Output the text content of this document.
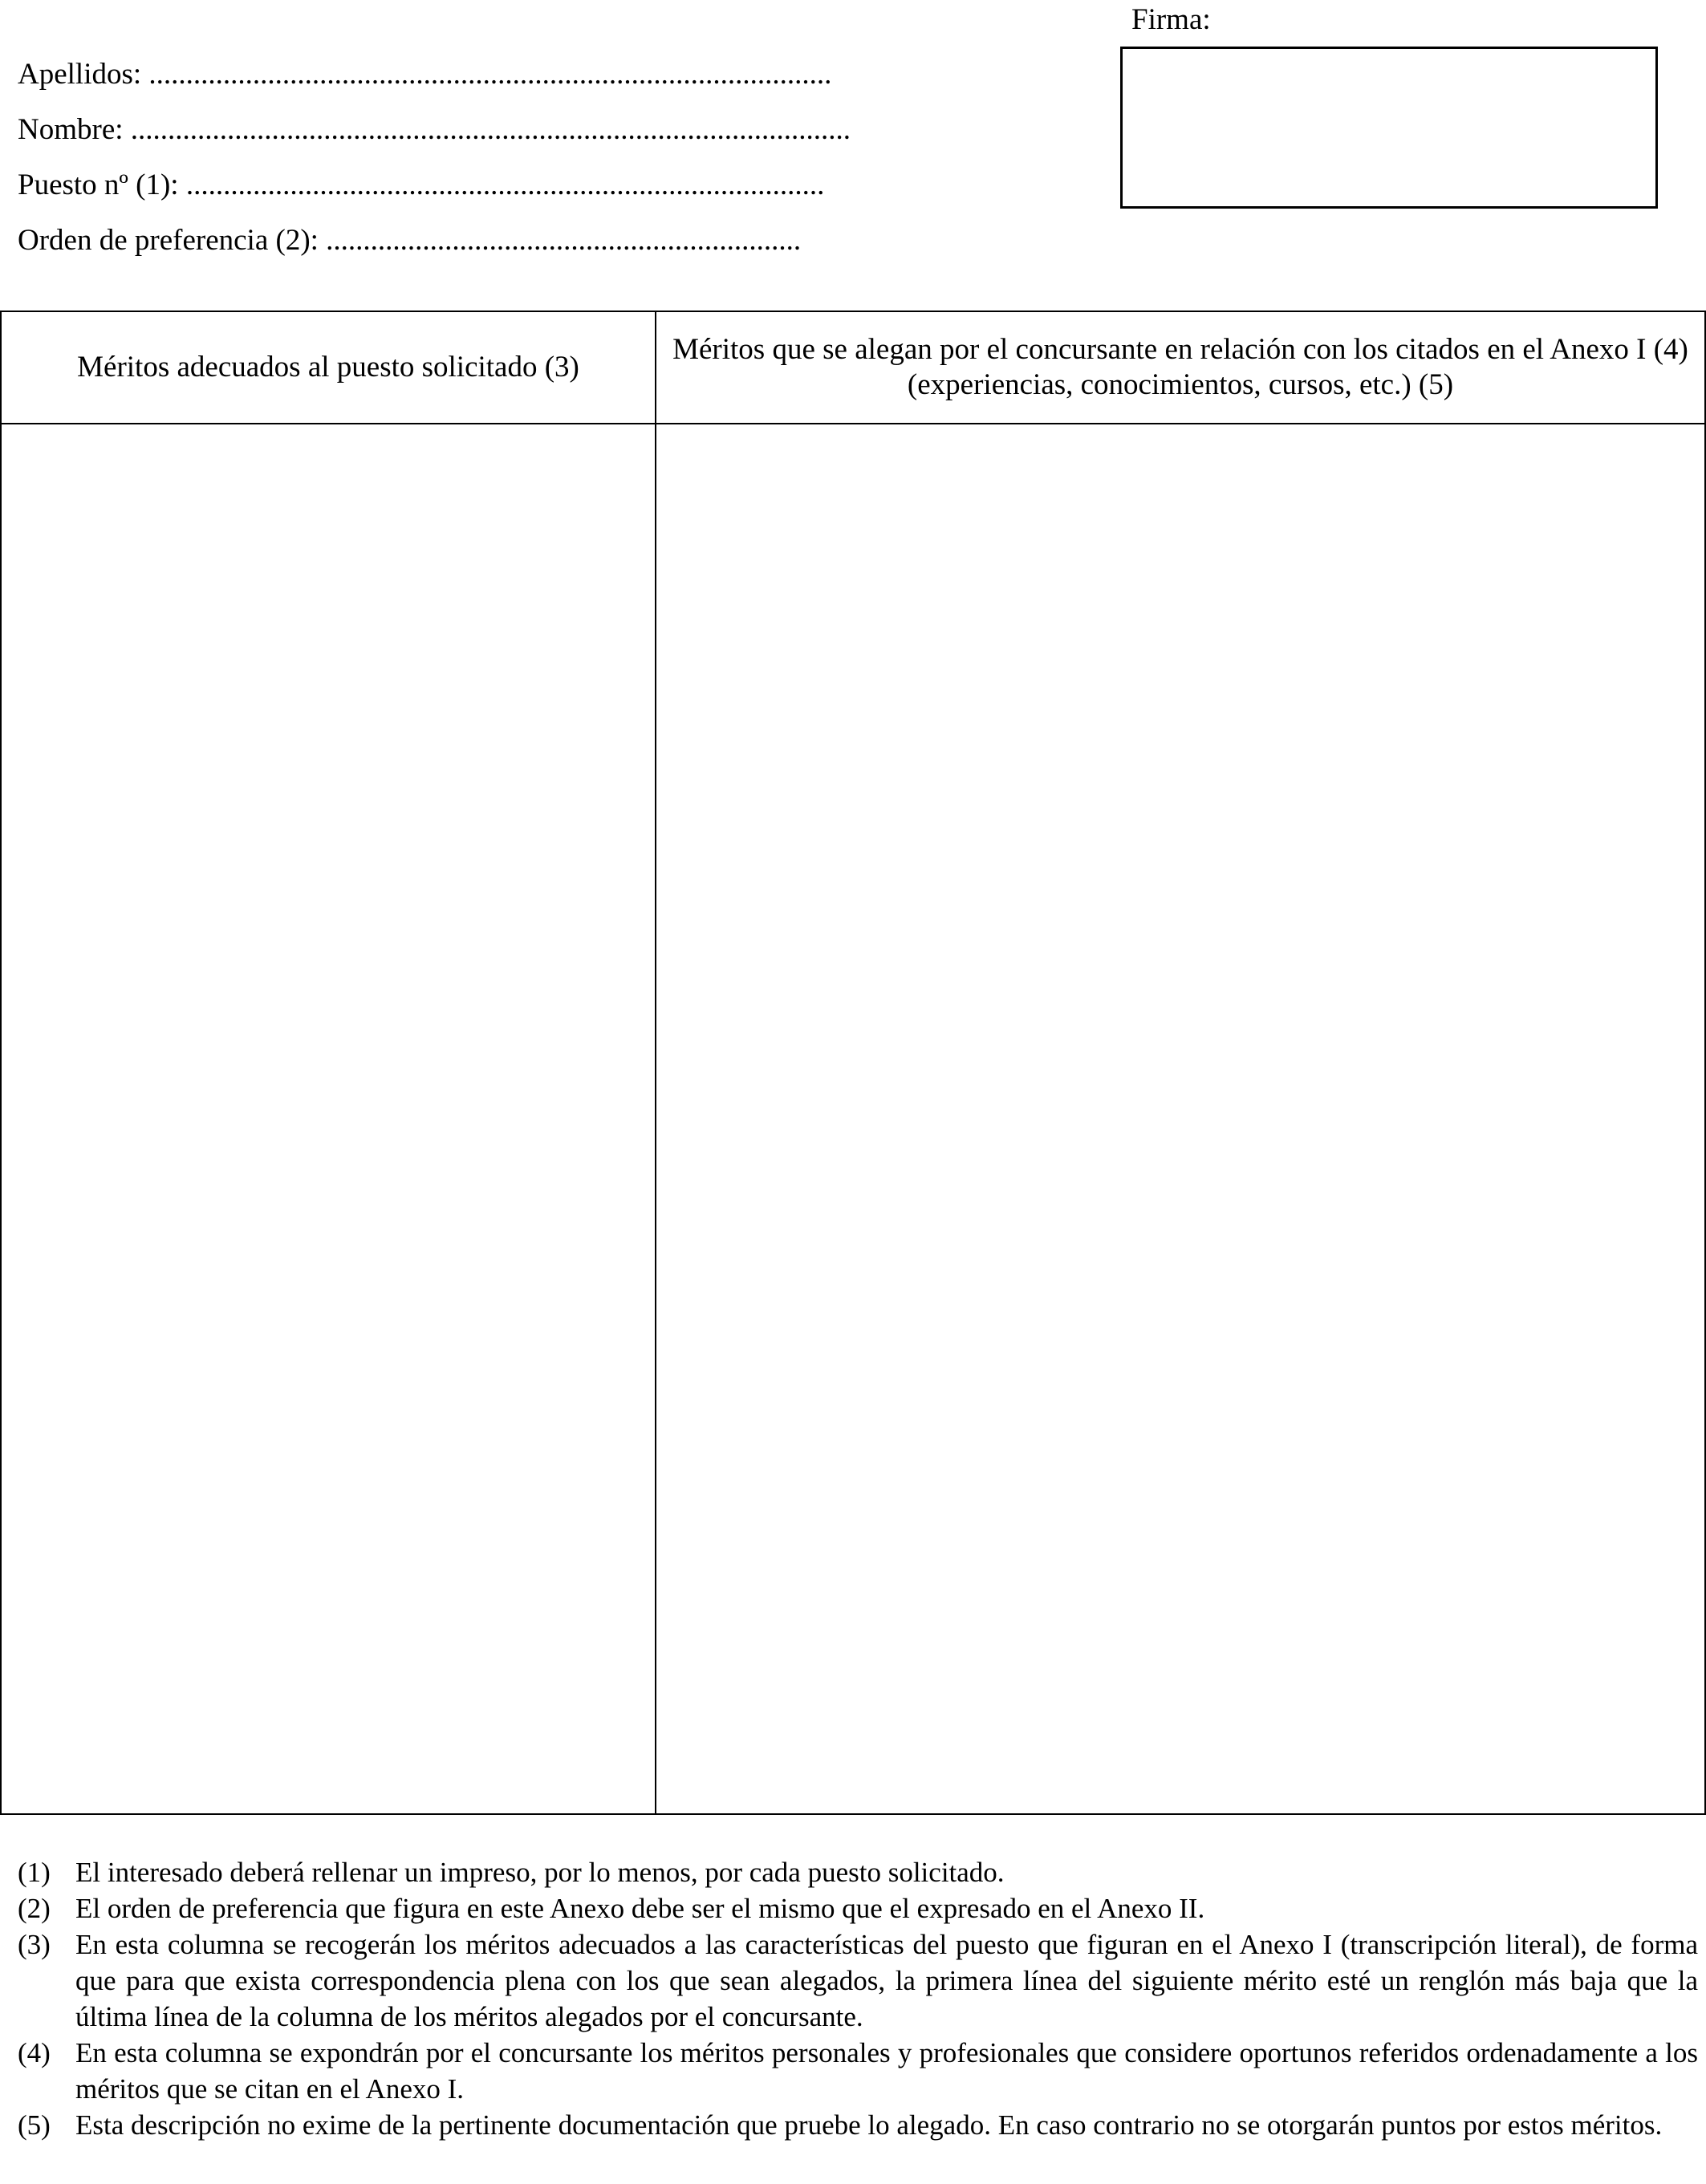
Apellidos: ............................................................................................
Nombre: .................................................................................................
Puesto nº (1): ......................................................................................
Orden de preferencia (2): ................................................................
Firma:
Méritos adecuados al puesto solicitado (3)
Méritos que se alegan por el concursante en relación con los citados en el Anexo I (4) (experiencias, conocimientos, cursos, etc.) (5)

(1) El interesado deberá rellenar un impreso, por lo menos, por cada puesto solicitado.

(2) El orden de preferencia que figura en este Anexo debe ser el mismo que el expresado en el Anexo II.

(3) En esta columna se recogerán los méritos adecuados a las características del puesto que figuran en el Anexo I (transcripción literal), de forma que para que exista correspondencia plena con los que sean alegados, la primera línea del siguiente mérito esté un renglón más baja que la última línea de la columna de los méritos alegados por el concursante.

(4) En esta columna se expondrán por el concursante los méritos personales y profesionales que considere oportunos referidos ordenadamente a los méritos que se citan en el Anexo I.

(5) Esta descripción no exime de la pertinente documentación que pruebe lo alegado. En caso contrario no se otorgarán puntos por estos méritos.
